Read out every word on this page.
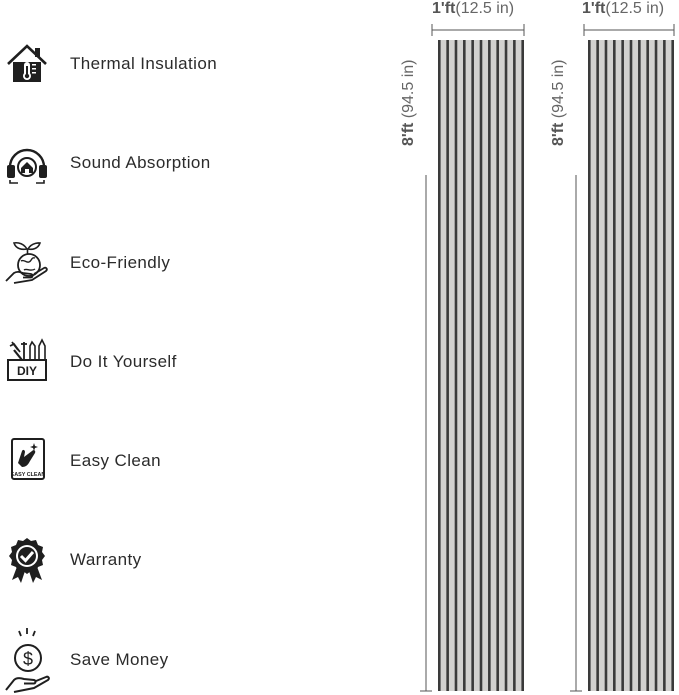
Thermal Insulation
Sound Absorption
Eco-Friendly
DIY Do It Yourself
EASY CLEAN
Easy Clean
Warranty
$ Save Money
1'ft(12.5 in)
8'ft (94.5 in)
1'ft(12.5 in)
8'ft (94.5 in)
